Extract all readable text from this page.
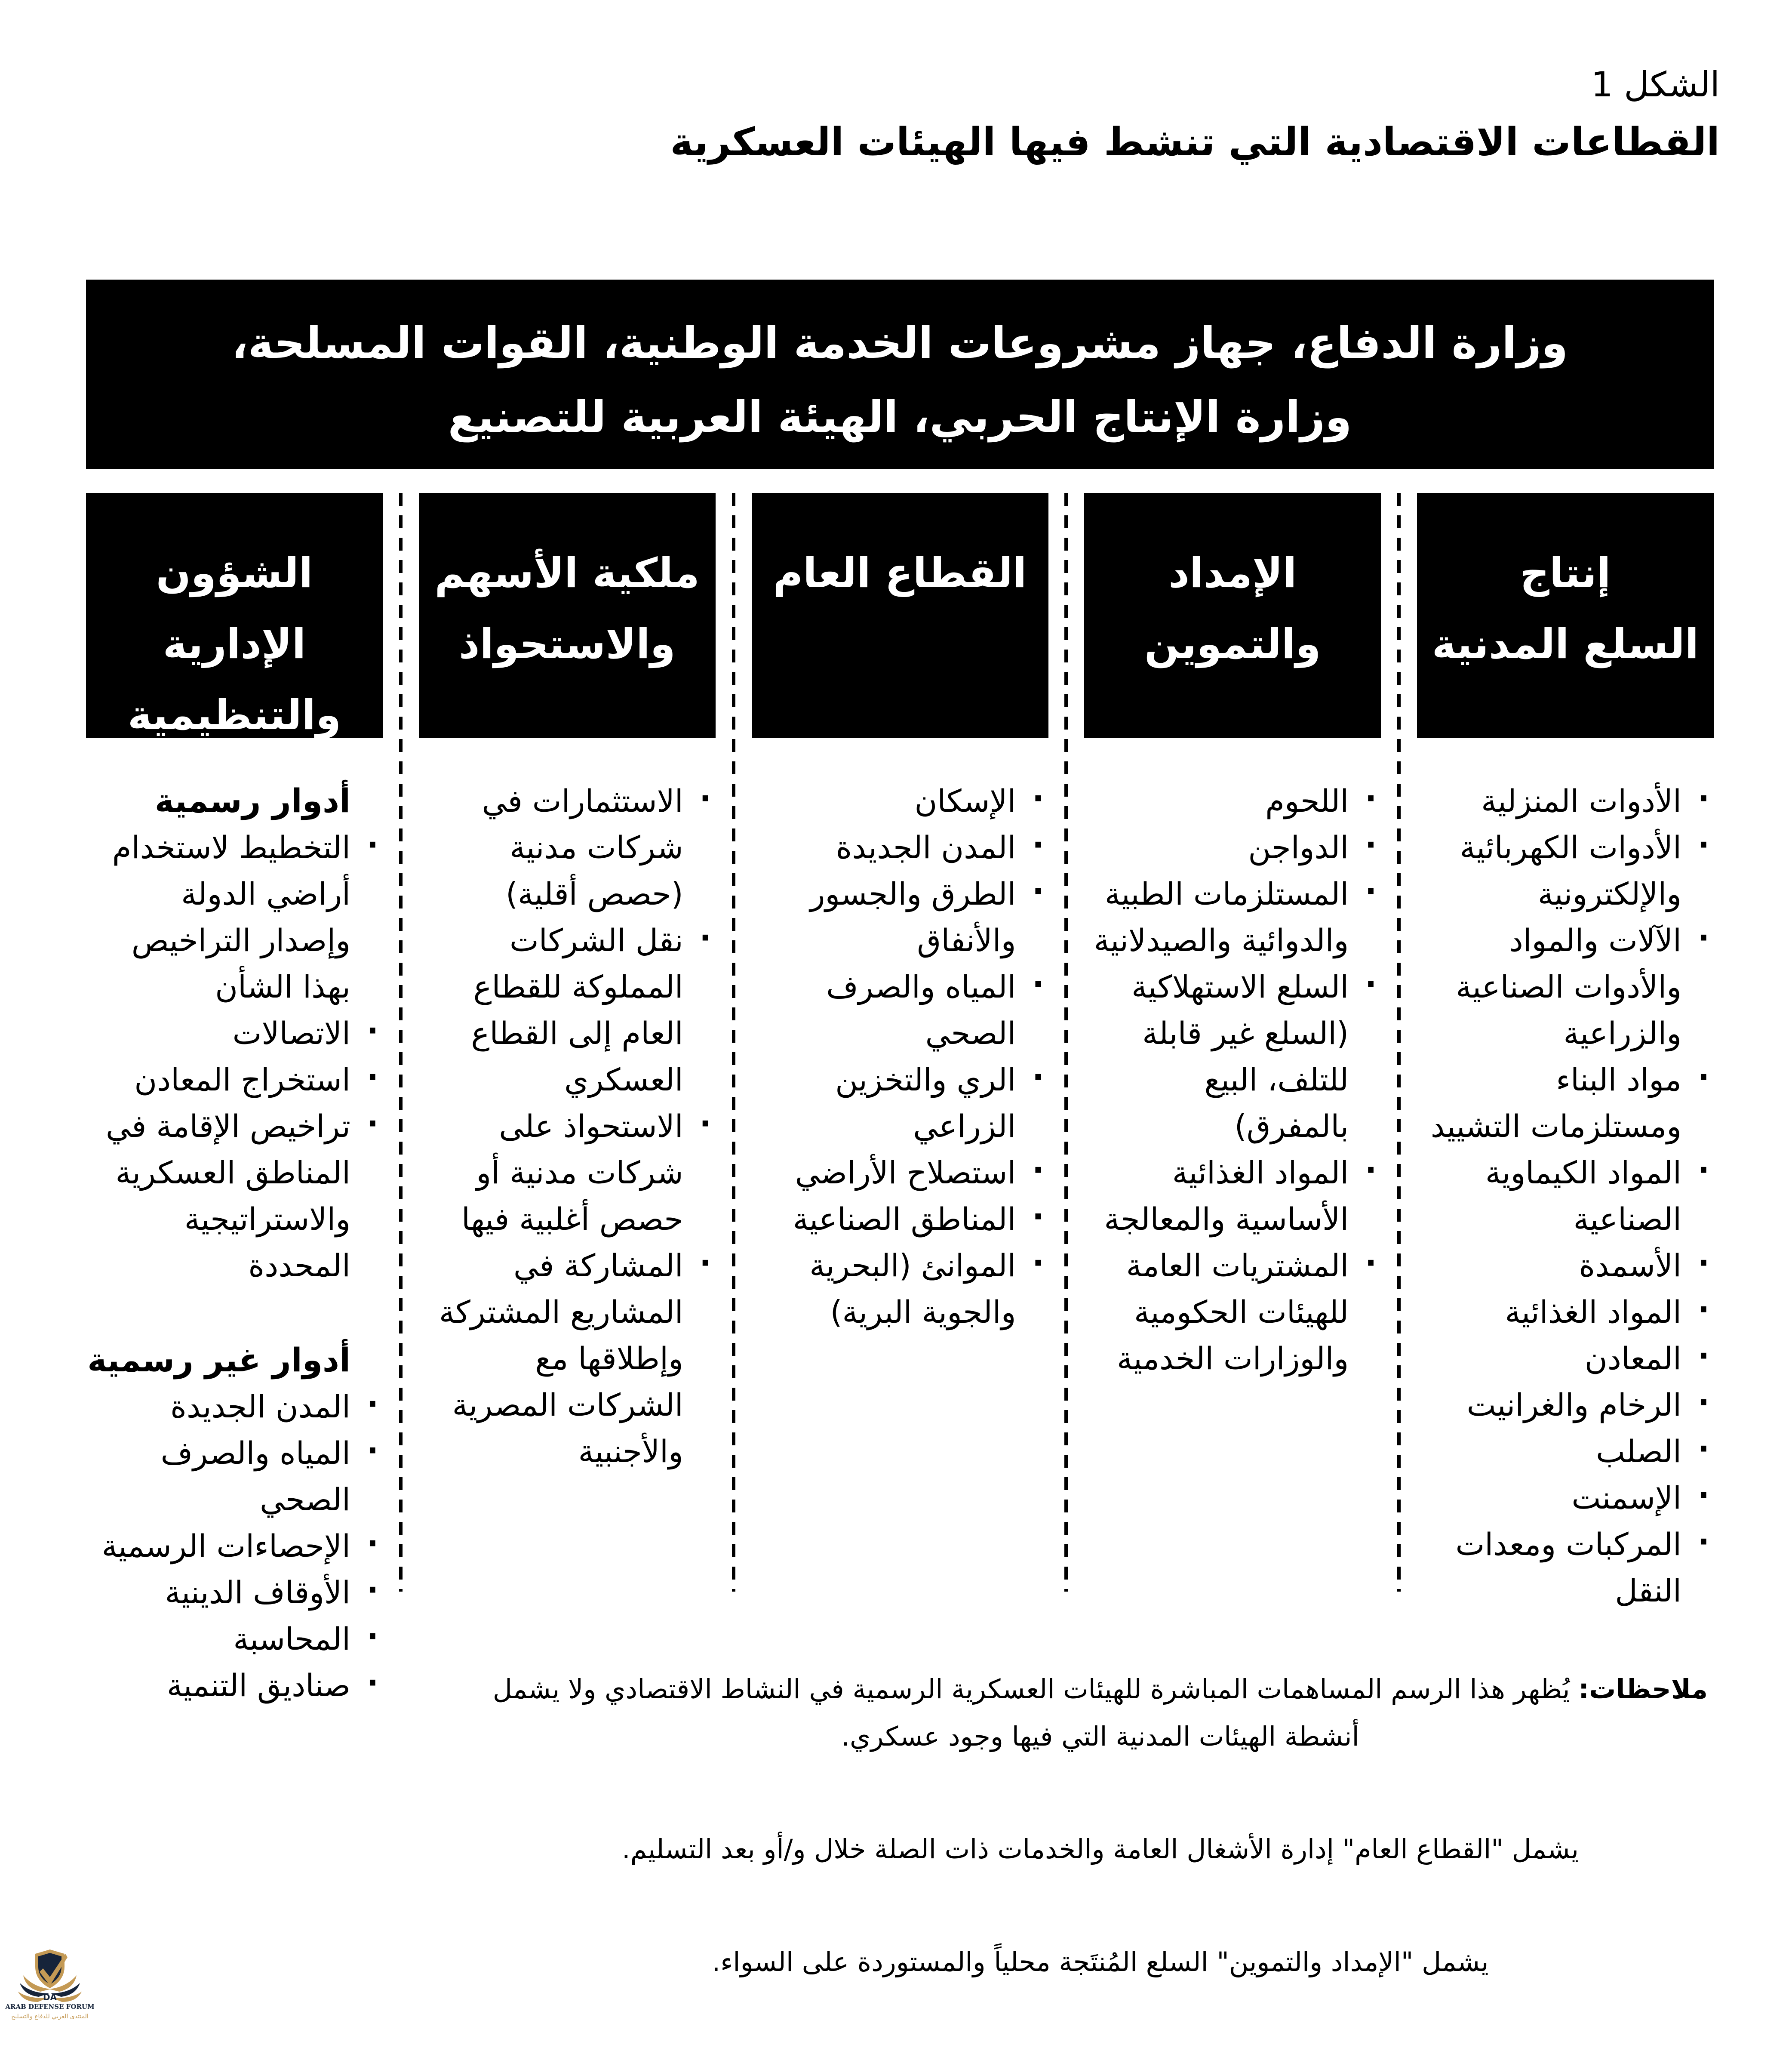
الشكل 1
القطاعات الاقتصادية التي تنشط فيها الهيئات العسكرية
وزارة الدفاع، جهاز مشروعات الخدمة الوطنية، القوات المسلحة،
وزارة الإنتاج الحربي، الهيئة العربية للتصنيع
إنتاج
السلع المدنية
·
الأدوات المنزلية
·
الأدوات الكهربائية والإلكترونية
·
الآلات والمواد والأدوات الصناعية والزراعية
·
مواد البناء ومستلزمات التشييد
·
المواد الكيماوية الصناعية
·
الأسمدة
·
المواد الغذائية
·
المعادن
·
الرخام والغرانيت
·
الصلب
·
الإسمنت
·
المركبات ومعدات النقل
الإمداد والتموين
·
اللحوم
·
الدواجن
·
المستلزمات الطبية والدوائية والصيدلانية
·
السلع الاستهلاكية (السلع غير قابلة للتلف، البيع بالمفرق)
·
المواد الغذائية الأساسية والمعالجة
·
المشتريات العامة للهيئات الحكومية والوزارات الخدمية
القطاع العام
·
الإسكان
·
المدن الجديدة
·
الطرق والجسور والأنفاق
·
المياه والصرف الصحي
·
الري والتخزين الزراعي
·
استصلاح الأراضي
·
المناطق الصناعية
·
الموانئ (البحرية والجوية البرية)
ملكية الأسهم
والاستحواذ
·
الاستثمارات في شركات مدنية (حصص أقلية)
·
نقل الشركات المملوكة للقطاع العام إلى القطاع العسكري
·
الاستحواذ على شركات مدنية أو حصص أغلبية فيها
·
المشاركة في المشاريع المشتركة وإطلاقها مع الشركات المصرية والأجنبية
الشؤون الإدارية
والتنظيمية
أدوار رسمية
·
التخطيط لاستخدام أراضي الدولة وإصدار التراخيص بهذا الشأن
·
الاتصالات
·
استخراج المعادن
·
تراخيص الإقامة في المناطق العسكرية والاستراتيجية المحددة
أدوار غير رسمية
·
المدن الجديدة
·
المياه والصرف الصحي
·
الإحصاءات الرسمية
·
الأوقاف الدينية
·
المحاسبة
·
صناديق التنمية	ملاحظات: يُظهر هذا الرسم المساهمات المباشرة للهيئات العسكرية الرسمية في النشاط الاقتصادي ولا يشمل أنشطة الهيئات المدنية التي فيها وجود عسكري.
يشمل "القطاع العام" إدارة الأشغال العامة والخدمات ذات الصلة خلال و/أو بعد التسليم.
يشمل "الإمداد والتموين" السلع المُنتَجة محلياً والمستوردة على السواء.
DA
ARAB DEFENSE FORUM
المنتدى العربي للدفاع والتسليح
